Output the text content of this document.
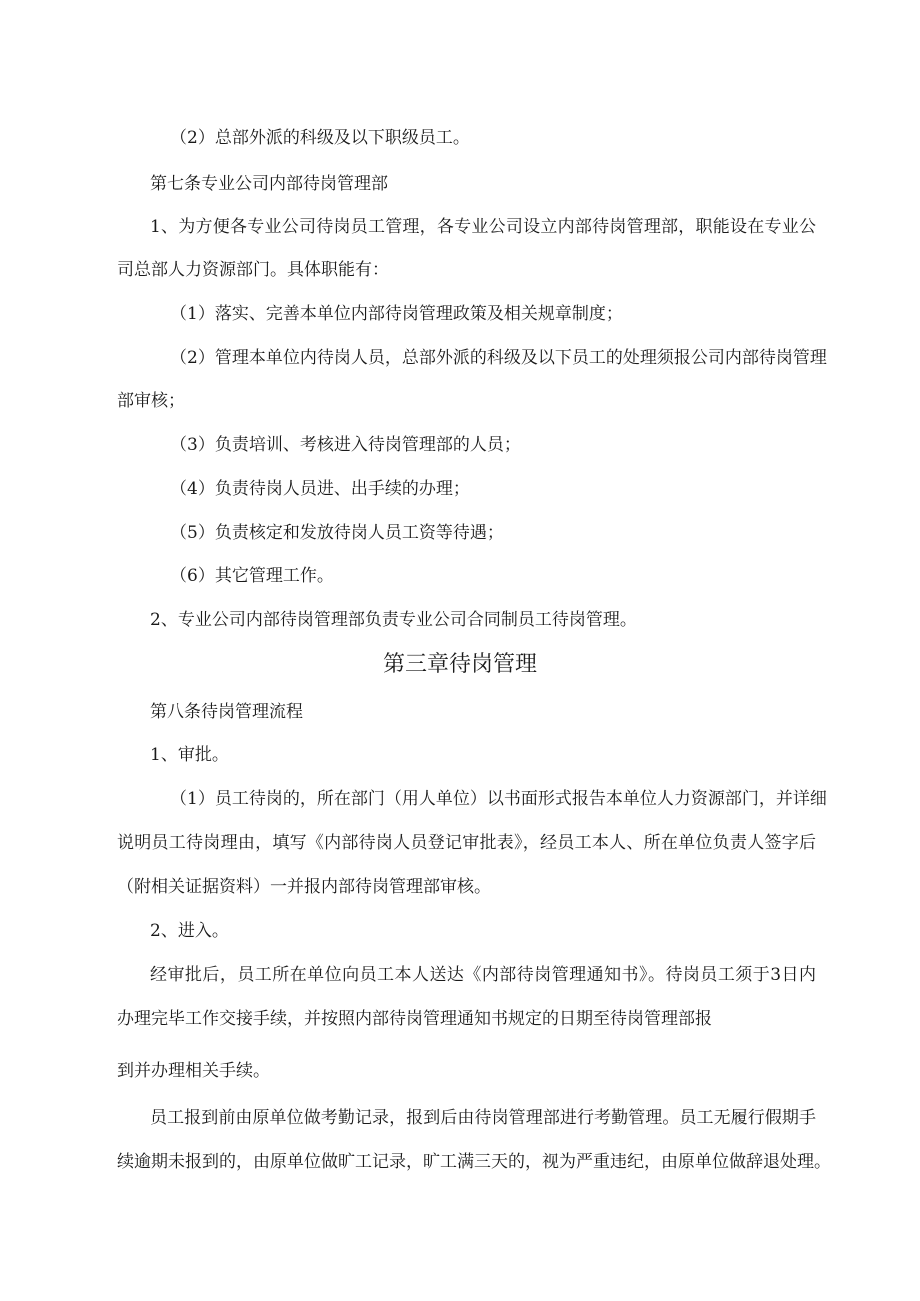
（2）总部外派的科级及以下职级员工。
第七条专业公司内部待岗管理部
1、为方便各专业公司待岗员工管理，各专业公司设立内部待岗管理部，职能设在专业公
司总部人力资源部门。具体职能有：
（1）落实、完善本单位内部待岗管理政策及相关规章制度；
（2）管理本单位内待岗人员，总部外派的科级及以下员工的处理须报公司内部待岗管理
部审核；
（3）负责培训、考核进入待岗管理部的人员；
（4）负责待岗人员进、出手续的办理；
（5）负责核定和发放待岗人员工资等待遇；
（6）其它管理工作。
2、专业公司内部待岗管理部负责专业公司合同制员工待岗管理。
第三章待岗管理
第八条待岗管理流程
1、审批。
（1）员工待岗的，所在部门（用人单位）以书面形式报告本单位人力资源部门，并详细
说明员工待岗理由，填写《内部待岗人员登记审批表》，经员工本人、所在单位负责人签字后
（附相关证据资料）一并报内部待岗管理部审核。
2、进入。
经审批后，员工所在单位向员工本人送达《内部待岗管理通知书》。待岗员工须于3日内
办理完毕工作交接手续，并按照内部待岗管理通知书规定的日期至待岗管理部报
到并办理相关手续。
员工报到前由原单位做考勤记录，报到后由待岗管理部进行考勤管理。员工无履行假期手
续逾期未报到的，由原单位做旷工记录，旷工满三天的，视为严重违纪，由原单位做辞退处理。
